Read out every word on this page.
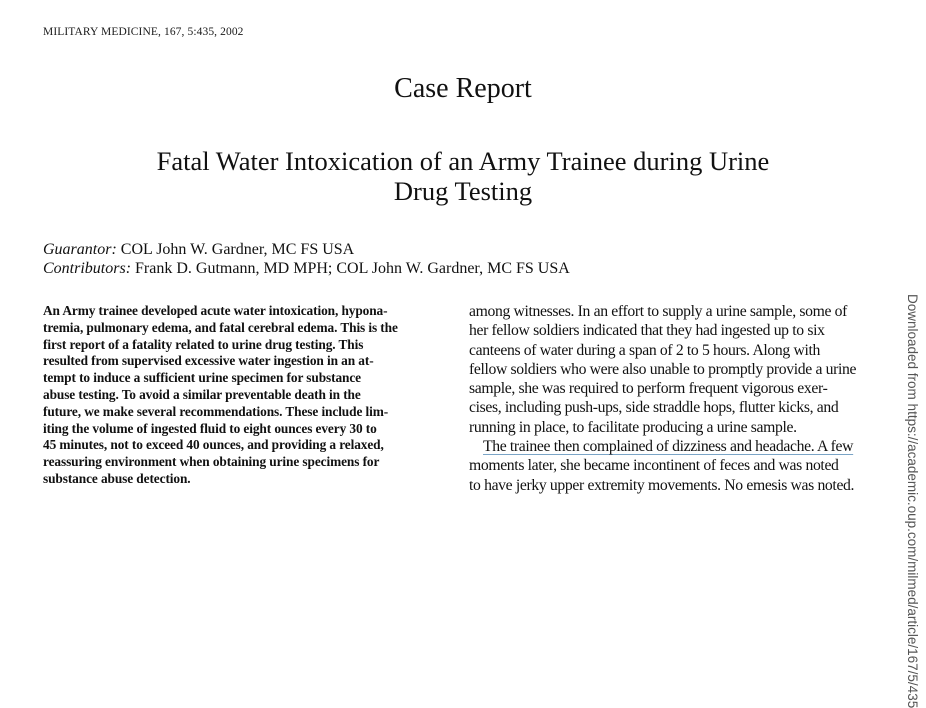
MILITARY MEDICINE, 167, 5:435, 2002
Case Report
Fatal Water Intoxication of an Army Trainee during Urine
Drug Testing
Guarantor: COL John W. Gardner, MC FS USA
Contributors: Frank D. Gutmann, MD MPH; COL John W. Gardner, MC FS USA
An Army trainee developed acute water intoxication, hypona-
tremia, pulmonary edema, and fatal cerebral edema. This is the
first report of a fatality related to urine drug testing. This
resulted from supervised excessive water ingestion in an at-
tempt to induce a sufficient urine specimen for substance
abuse testing. To avoid a similar preventable death in the
future, we make several recommendations. These include lim-
iting the volume of ingested fluid to eight ounces every 30 to
45 minutes, not to exceed 40 ounces, and providing a relaxed,
reassuring environment when obtaining urine specimens for
substance abuse detection.
among witnesses. In an effort to supply a urine sample, some of
her fellow soldiers indicated that they had ingested up to six
canteens of water during a span of 2 to 5 hours. Along with
fellow soldiers who were also unable to promptly provide a urine
sample, she was required to perform frequent vigorous exer-
cises, including push-ups, side straddle hops, flutter kicks, and
running in place, to facilitate producing a urine sample.
The trainee then complained of dizziness and headache. A few
moments later, she became incontinent of feces and was noted
to have jerky upper extremity movements. No emesis was noted.	Downloaded from https://academic.oup.com/milmed/article/167/5/435
